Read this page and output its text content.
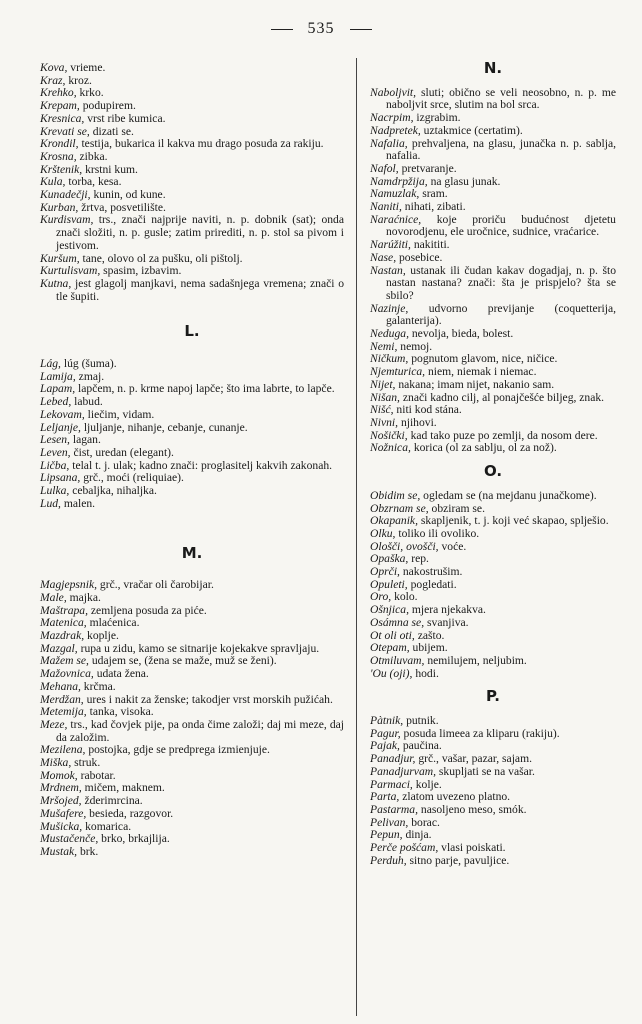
535

Kova, vrieme.

Kraz, kroz.

Krehko, krko.

Krepam, podupirem.

Kresnica, vrst ribe kumica.

Krevati se, dizati se.

Krondil, testija, bukarica il kakva mu drago posuda za rakiju.

Krosna, zibka.

Krštenik, krstni kum.

Kula, torba, kesa.

Kunadečji, kunin, od kune.

Kurban, žrtva, posvetilište.

Kurdisvam, trs., znači najprije naviti, n. p. dobnik (sat); onda znači složiti, n. p. gusle; zatim prirediti, n. p. stol sa pivom i jestivom.

Kuršum, tane, olovo ol za pušku, oli pištolj.

Kurtulisvam, spasim, izbavim.

Kutna, jest glagolj manjkavi, nema sadašnjega vremena; znači o tle šupiti.

L.

Lág, lúg (šuma).

Lamija, zmaj.

Lapam, lapčem, n. p. krme napoj lapče; što ima labrte, to lapče.

Lebed, labud.

Lekovam, liečim, vidam.

Leljanje, ljuljanje, nihanje, cebanje, cunanje.

Lesen, lagan.

Leven, čist, uredan (elegant).

Ličba, telal t. j. ulak; kadno znači: proglasitelj kakvih zakonah.

Lipsana, grč., moći (reliquiae).

Lulka, cebaljka, nihaljka.

Lud, malen.

M.

Magjepsnik, grč., vračar oli čarobijar.

Male, majka.

Maštrapa, zemljena posuda za piće.

Matenica, mlaćenica.

Mazdrak, koplje.

Mazgal, rupa u zidu, kamo se sitnarije kojekakve spravljaju.

Mažem se, udajem se, (žena se maže, muž se ženi).

Mažovnica, udata žena.

Mehana, krčma.

Merdžan, ures i nakit za ženske; takodjer vrst morskih pužićah.

Metemija, tanka, visoka.

Meze, trs., kad čovjek pije, pa onda čime založi; daj mi meze, daj da založim.

Mezilena, postojka, gdje se predprega izmienjuje.

Miška, struk.

Momok, rabotar.

Mrdnem, mičem, maknem.

Mršojed, žderimrcina.

Mušafere, besieda, razgovor.

Mušicka, komarica.

Mustačenče, brko, brkajlija.

Mustak, brk.

N.

Naboljvit, sluti; obično se veli neosobno, n. p. me naboljvit srce, slutim na bol srca.

Nacrpim, izgrabim.

Nadpretek, uztakmice (certatim).

Nafalia, prehvaljena, na glasu, junačka n. p. sablja, nafalia.

Nafol, pretvaranje.

Namdrpžija, na glasu junak.

Namuzlak, sram.

Naniti, nihati, zibati.

Naraćnice, koje proriču budućnost djetetu novorodjenu, ele uročnice, sudnice, vraćarice.

Narúžiti, nakititi.

Nase, posebice.

Nastan, ustanak ili čudan kakav dogadjaj, n. p. što nastan nastana? znači: šta je prispjelo? šta se sbilo?

Nazinje, udvorno previjanje (coquetterija, galanterija).

Neduga, nevolja, bieda, bolest.

Nemi, nemoj.

Ničkum, pognutom glavom, nice, ničice.

Njemturica, niem, niemak i niemac.

Nijet, nakana; imam nijet, nakanio sam.

Nišan, znači kadno cilj, al ponajčešće biljeg, znak.

Nišć, niti kod stána.

Nivni, njihovi.

Nošički, kad tako puze po zemlji, da nosom dere.

Nožnica, korica (ol za sablju, ol za nož).

O.

Obidim se, ogledam se (na mejdanu junačkome).

Obzrnam se, obziram se.

Okapanik, skapljenik, t. j. koji već skapao, splješio.

Olku, toliko ili ovoliko.

Ološči, ovošči, voće.

Opaška, rep.

Oprči, nakostrušim.

Opuleti, pogledati.

Oro, kolo.

Ošnjica, mjera njekakva.

Osámna se, svanjiva.

Ot oli oti, zašto.

Otepam, ubijem.

Otmiluvam, nemilujem, neljubim.

'Ou (oji), hodi.

P.

Pàtnik, putnik.

Pagur, posuda limeea za kliparu (rakiju).

Pajak, paučina.

Panadjur, grč., vašar, pazar, sajam.

Panadjurvam, skupljati se na vašar.

Parmaci, kolje.

Parta, zlatom uvezeno platno.

Pastarma, nasoljeno meso, smók.

Pelivan, borac.

Pepun, dinja.

Perče pošćam, vlasi poiskati.

Perduh, sitno parje, pavuljice.
